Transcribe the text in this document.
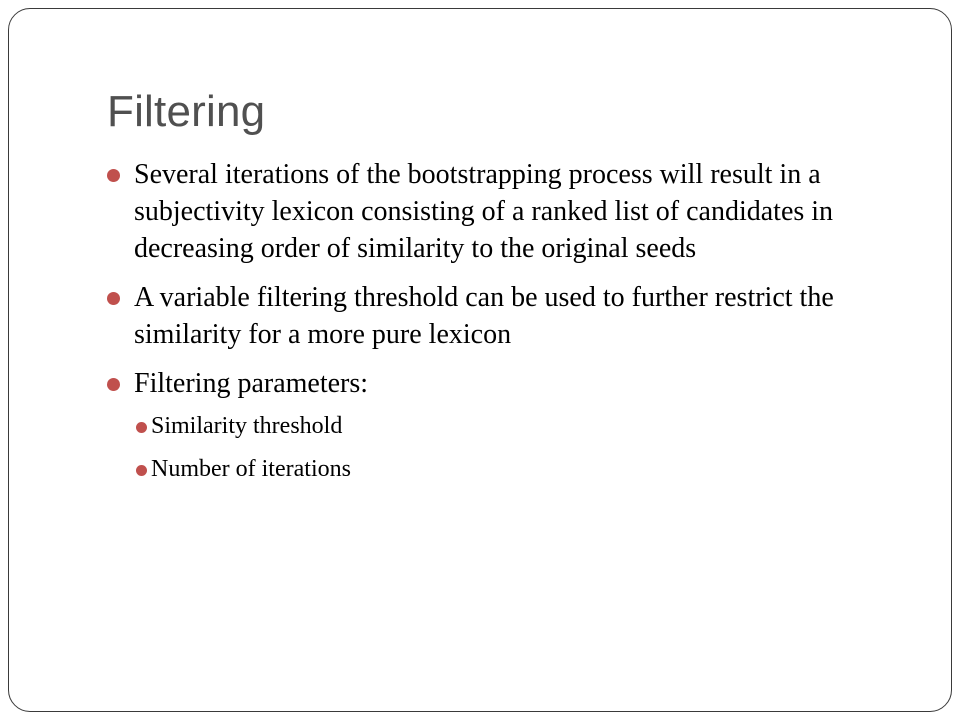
Filtering
Several iterations of the bootstrapping process will result in a subjectivity lexicon consisting of a ranked list of candidates in decreasing order of similarity to the original seeds
A variable filtering threshold can be used to further restrict the similarity for a more pure lexicon
Filtering parameters:
Similarity threshold
Number of iterations
